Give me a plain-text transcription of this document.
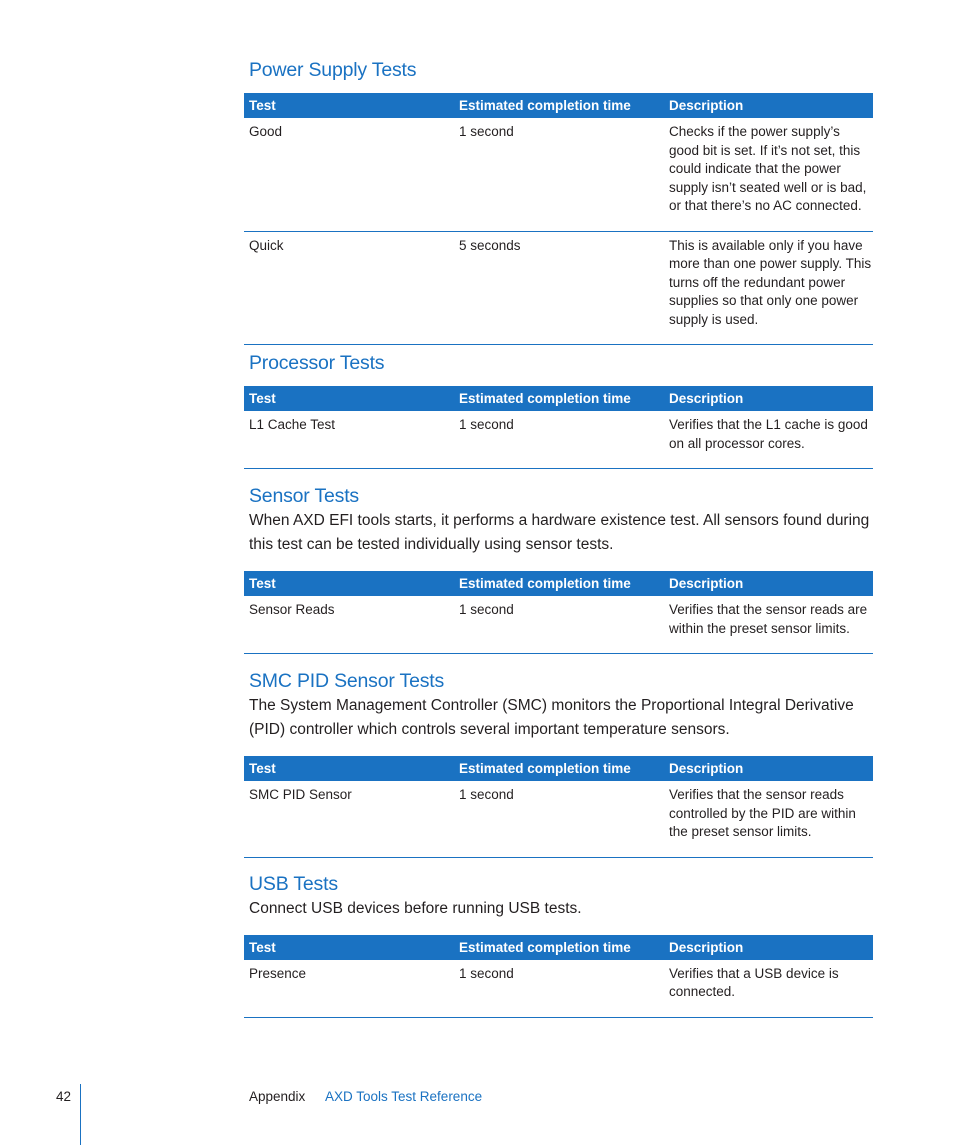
Power Supply Tests
Test	Estimated completion time	Description
Good	1 second	Checks if the power supply’s good bit is set. If it’s not set, this could indicate that the power supply isn’t seated well or is bad, or that there’s no AC connected.
Quick	5 seconds	This is available only if you have more than one power supply. This turns off the redundant power supplies so that only one power supply is used.
Processor Tests
Test	Estimated completion time	Description
L1 Cache Test	1 second	Verifies that the L1 cache is good on all processor cores.
Sensor Tests

When AXD EFI tools starts, it performs a hardware existence test. All sensors found during this test can be tested individually using sensor tests.

Test	Estimated completion time	Description
Sensor Reads	1 second	Verifies that the sensor reads are within the preset sensor limits.
SMC PID Sensor Tests

The System Management Controller (SMC) monitors the Proportional Integral Derivative (PID) controller which controls several important temperature sensors.

Test	Estimated completion time	Description
SMC PID Sensor	1 second	Verifies that the sensor reads controlled by the PID are within the preset sensor limits.
USB Tests

Connect USB devices before running USB tests.

Test	Estimated completion time	Description
Presence	1 second	Verifies that a USB device is connected.
42	Appendix AXD Tools Test Reference
